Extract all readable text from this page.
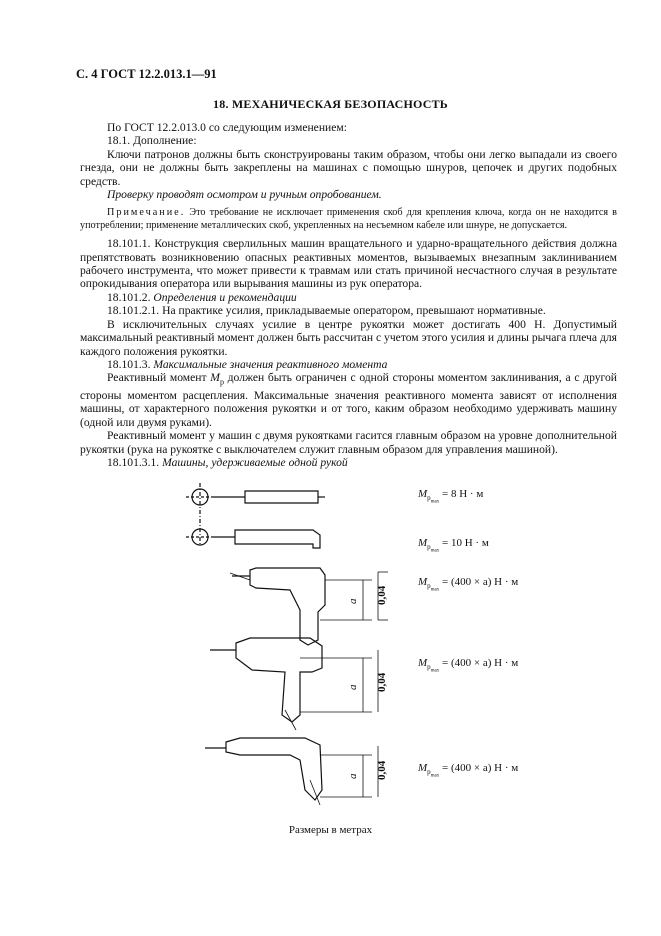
С. 4 ГОСТ 12.2.013.1—91
18. МЕХАНИЧЕСКАЯ БЕЗОПАСНОСТЬ

По ГОСТ 12.2.013.0 со следующим изменением:

18.1. Дополнение:

Ключи патронов должны быть сконструированы таким образом, чтобы они легко выпадали из своего гнезда, они не должны быть закреплены на машинах с помощью шнуров, цепочек и других подобных средств.

Проверку проводят осмотром и ручным опробованием.

Примечание. Это требование не исключает применения скоб для крепления ключа, когда он не находится в употреблении; применение металлических скоб, укрепленных на несъемном кабеле или шнуре, не допускается.

18.101.1. Конструкция сверлильных машин вращательного и ударно-вращательного действия должна препятствовать возникновению опасных реактивных моментов, вызываемых внезапным заклиниванием рабочего инструмента, что может привести к травмам или стать причиной несчастного случая в результате опрокидывания оператора или вырывания машины из рук оператора.

18.101.2. Определения и рекомендации

18.101.2.1. На практике усилия, прикладываемые оператором, превышают нормативные.

В исключительных случаях усилие в центре рукоятки может достигать 400 Н. Допустимый максимальный реактивный момент должен быть рассчитан с учетом этого усилия и длины рычага плеча для каждого положения рукоятки.

18.101.3. Максимальные значения реактивного момента

Реактивный момент $M_р$ должен быть ограничен с одной стороны моментом заклинивания, а с другой стороны моментом расцепления. Максимальные значения реактивного момента зависят от исполнения машины, от характерного положения рукоятки и от того, каким образом необходимо удерживать машину (одной или двумя руками).

Реактивный момент у машин с двумя рукоятками гасится главным образом на уровне дополнительной рукоятки (рука на рукоятке с выключателем служит главным образом для управления машиной).

18.101.3.1. Машины, удерживаемые одной рукой

а 0,04
а 0,04
а 0,04
$M_{р_{max}} = 8$ Н · м
$M_{р_{max}} = 10$ Н · м
$M_{р_{max}} = (400 \times а) Н \cdot м$
$M_{р_{max}} = (400 \times а) Н \cdot м$
$M_{р_{max}} = (400 \times а) Н \cdot м$
Размеры в метрах
